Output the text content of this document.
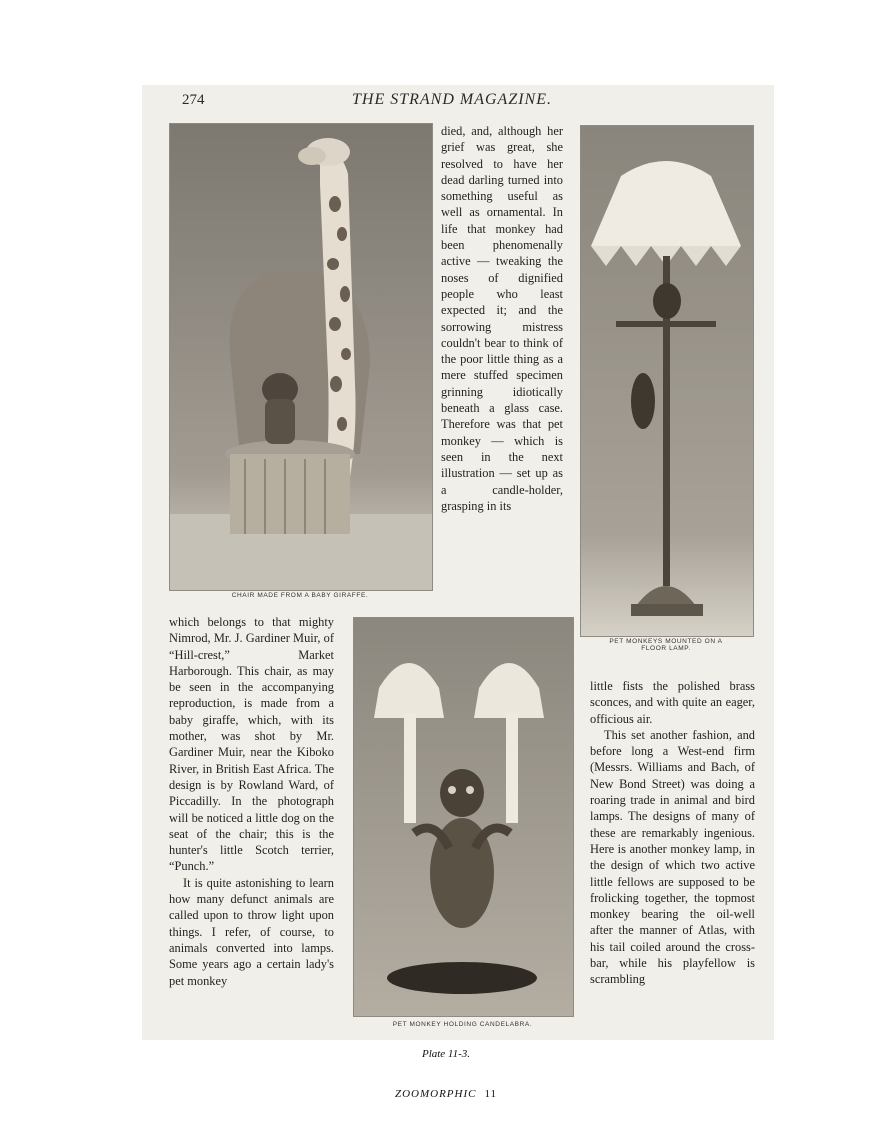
274	THE STRAND MAGAZINE.
CHAIR MADE FROM A BABY GIRAFFE.

died, and, although her grief was great, she resolved to have her dead darling turned into something useful as well as ornamental. In life that monkey had been phenomenally active — tweaking the noses of dignified people who least expected it; and the sorrowing mistress couldn't bear to think of the poor little thing as a mere stuffed specimen grinning idiotically beneath a glass case. Therefore was that pet monkey — which is seen in the next illustration — set up as a candle-holder, grasping in its

PET MONKEYS MOUNTED ON A FLOOR LAMP.

which belongs to that mighty Nimrod, Mr. J. Gardiner Muir, of “Hill-crest,” Market Harborough. This chair, as may be seen in the accompanying reproduction, is made from a baby giraffe, which, with its mother, was shot by Mr. Gardiner Muir, near the Kiboko River, in British East Africa. The design is by Rowland Ward, of Piccadilly. In the photograph will be noticed a little dog on the seat of the chair; this is the hunter's little Scotch terrier, “Punch.”

It is quite astonishing to learn how many defunct animals are called upon to throw light upon things. I refer, of course, to animals converted into lamps. Some years ago a certain lady's pet monkey

PET MONKEY HOLDING CANDELABRA.

little fists the polished brass sconces, and with quite an eager, officious air.

This set another fashion, and before long a West-end firm (Messrs. Williams and Bach, of New Bond Street) was doing a roaring trade in animal and bird lamps. The designs of many of these are remarkably ingenious. Here is another monkey lamp, in the design of which two active little fellows are supposed to be frolicking together, the topmost monkey bearing the oil-well after the manner of Atlas, with his tail coiled around the cross-bar, while his playfellow is scrambling

Plate 11-3.
ZOOMORPHIC 11
